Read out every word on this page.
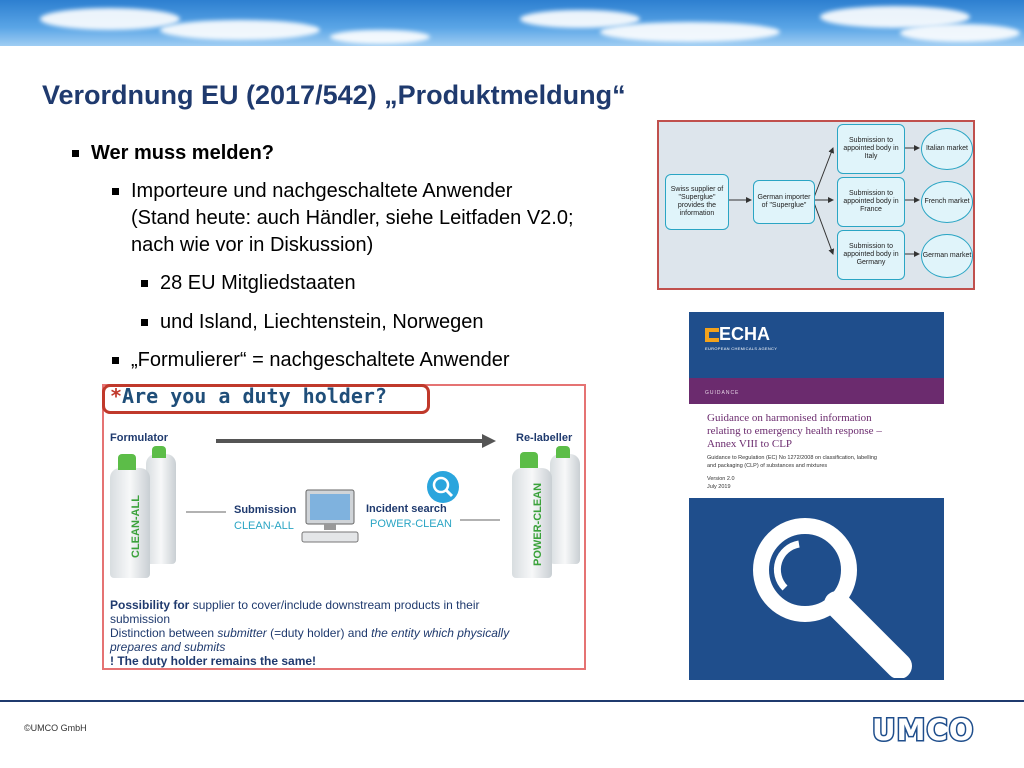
Verordnung EU (2017/542) „Produktmeldung“
Wer muss melden?
Importeure und nachgeschaltete Anwender
(Stand heute: auch Händler, siehe Leitfaden V2.0;
nach wie vor in Diskussion)
28 EU Mitgliedstaaten
und Island, Liechtenstein, Norwegen
„Formulierer“ = nachgeschaltete Anwender
Swiss supplier of "Superglue" provides the information
German importer of "Superglue"
Submission to appointed body in Italy
Submission to appointed body in France
Submission to appointed body in Germany
Italian market
French market
German market
*Are you a duty holder?
Formulator	Re-labeller
CLEAN-ALL	POWER-CLEAN
Submission
CLEAN-ALL
Incident search
POWER-CLEAN
Possibility for supplier to cover/include downstream products in their
submission
Distinction between submitter (=duty holder) and the entity which physically
prepares and submits
! The duty holder remains the same!
ECHA
EUROPEAN CHEMICALS AGENCY
GUIDANCE
Guidance on harmonised information
relating to emergency health response –
Annex VIII to CLP
Guidance to Regulation (EC) No 1272/2008 on classification, labelling
and packaging (CLP) of substances and mixtures
Version 2.0
July 2019
©UMCO GmbH	UMCO
